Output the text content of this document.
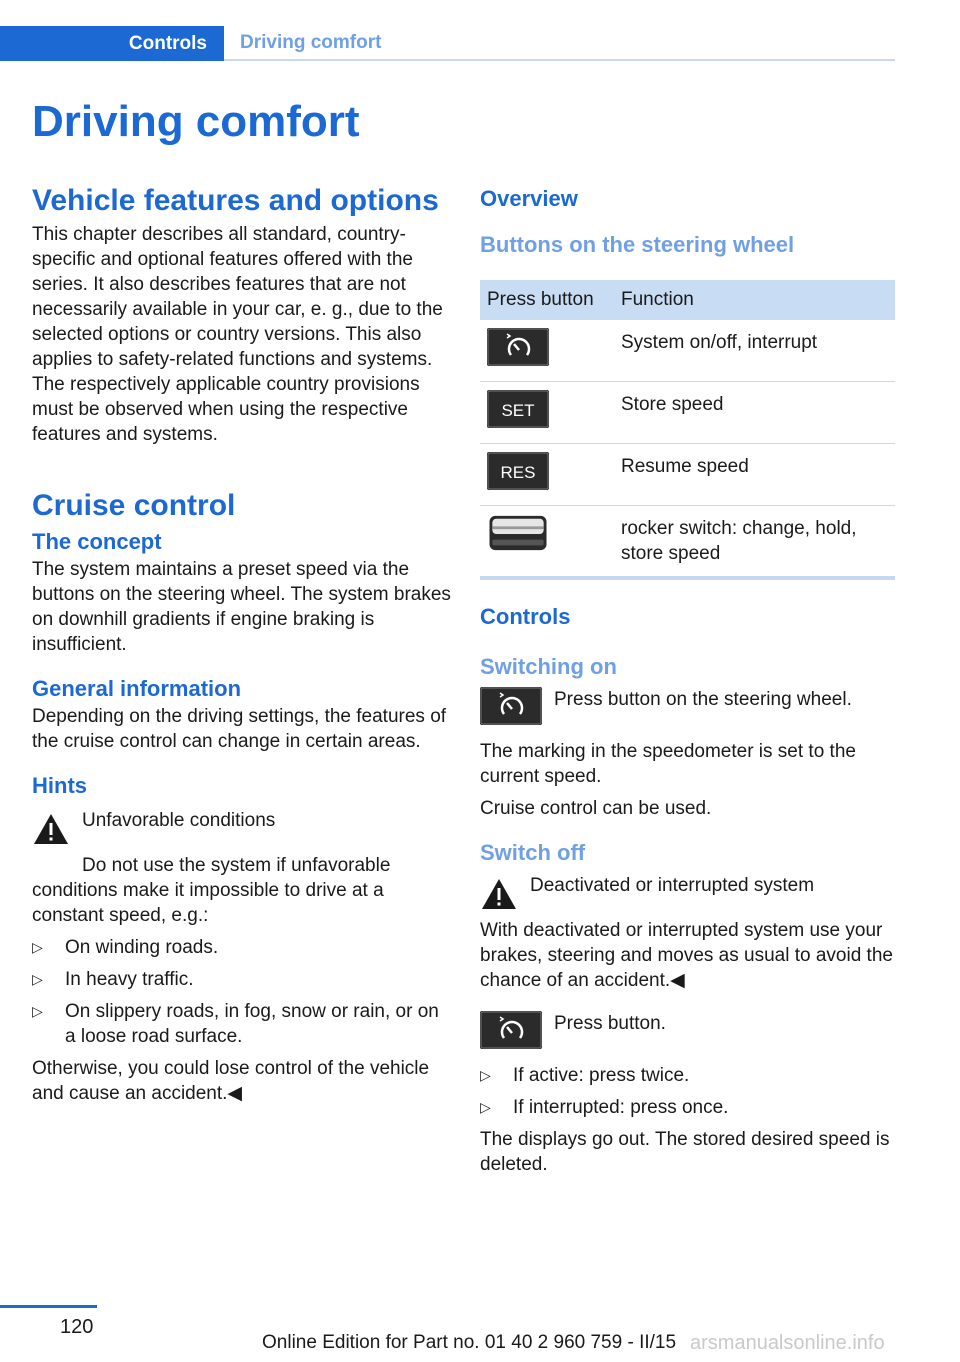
Controls	Driving comfort
Driving comfort
Vehicle features and options

This chapter describes all standard, country-specific and optional features offered with the series. It also describes features that are not necessarily available in your car, e. g., due to the selected options or country versions. This also applies to safety-related functions and systems. The respectively applicable country provisions must be observed when using the respective features and systems.

Cruise control
The concept

The system maintains a preset speed via the buttons on the steering wheel. The system brakes on downhill gradients if engine braking is insufficient.

General information

Depending on the driving settings, the features of the cruise control can change in certain areas.

Hints

Unfavorable conditions

Do not use the system if unfavorable

conditions make it impossible to drive at a constant speed, e.g.:

▷ On winding roads.
▷ In heavy traffic.
▷ On slippery roads, in fog, snow or rain, or on a loose road surface.

Otherwise, you could lose control of the vehicle and cause an accident.◀

Overview
Buttons on the steering wheel
Press button	Function
	System on/off, interrupt

SET	Store speed

RES	Resume speed
	rocker switch: change, hold, store speed
Controls
Switching on

Press button on the steering wheel.

The marking in the speedometer is set to the current speed.

Cruise control can be used.

Switch off

Deactivated or interrupted system

With deactivated or interrupted system use your brakes, steering and moves as usual to avoid the chance of an accident.◀

Press button.

▷ If active: press twice.
▷ If interrupted: press once.

The displays go out. The stored desired speed is deleted.

120
Online Edition for Part no. 01 40 2 960 759 - II/15 arsmanualsonline.info
